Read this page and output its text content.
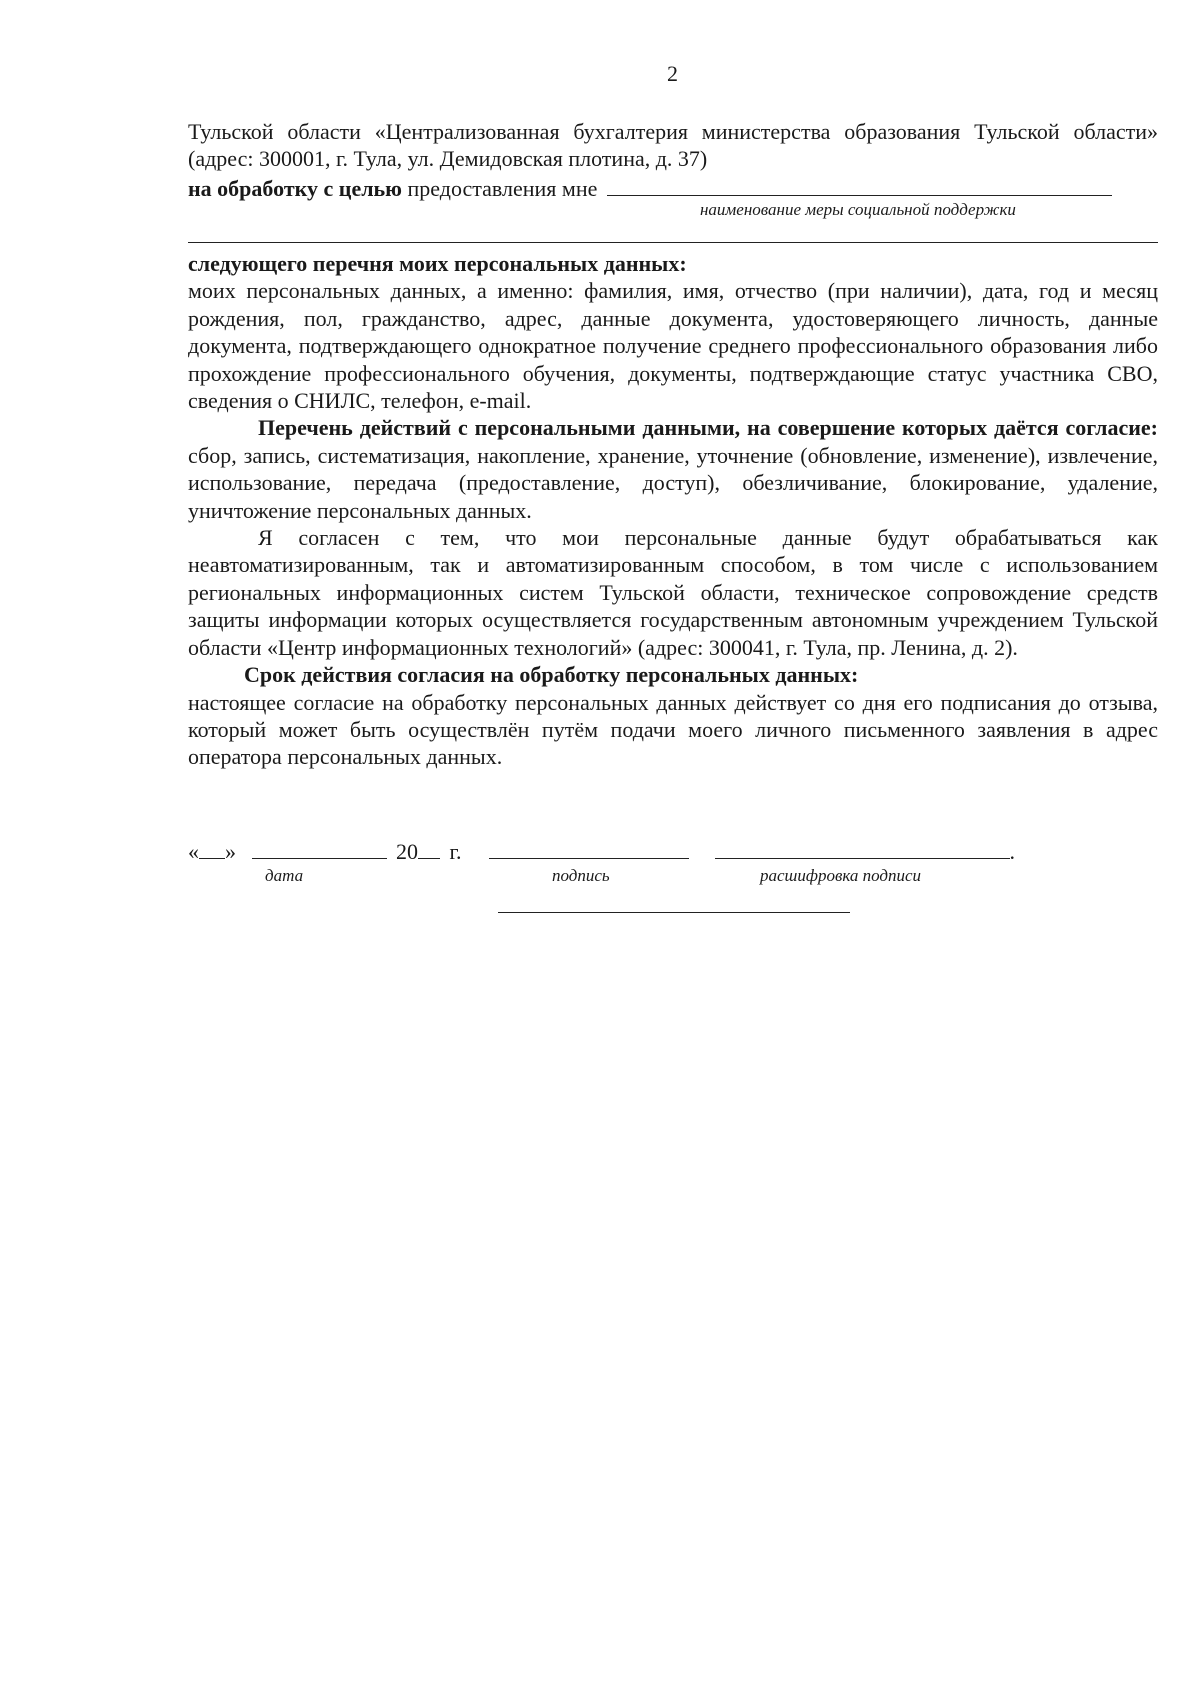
2

Тульской области «Централизованная бухгалтерия министерства образования Тульской области» (адрес: 300001, г. Тула, ул. Демидовская плотина, д. 37)

на обработку с целью предоставления мне

наименование меры социальной поддержки

следующего перечня моих персональных данных:

моих персональных данных, а именно: фамилия, имя, отчество (при наличии), дата, год и месяц рождения, пол, гражданство, адрес, данные документа, удостоверяющего личность, данные документа, подтверждающего однократное получение среднего профессионального образования либо прохождение профессионального обучения, документы, подтверждающие статус участника СВО, сведения о СНИЛС, телефон, e-mail.

Перечень действий с персональными данными, на совершение которых даётся согласие: сбор, запись, систематизация, накопление, хранение, уточнение (обновление, изменение), извлечение, использование, передача (предоставление, доступ), обезличивание, блокирование, удаление, уничтожение персональных данных.

Я согласен с тем, что мои персональные данные будут обрабатываться как неавтоматизированным, так и автоматизированным способом, в том числе с использованием региональных информационных систем Тульской области, техническое сопровождение средств защиты информации которых осуществляется государственным автономным учреждением Тульской области «Центр информационных технологий» (адрес: 300041, г. Тула, пр. Ленина, д. 2).

Срок действия согласия на обработку персональных данных:

настоящее согласие на обработку персональных данных действует со дня его подписания до отзыва, который может быть осуществлён путём подачи моего личного письменного заявления в адрес оператора персональных данных.

« »	20 г.	.
дата	подпись	расшифровка подписи
